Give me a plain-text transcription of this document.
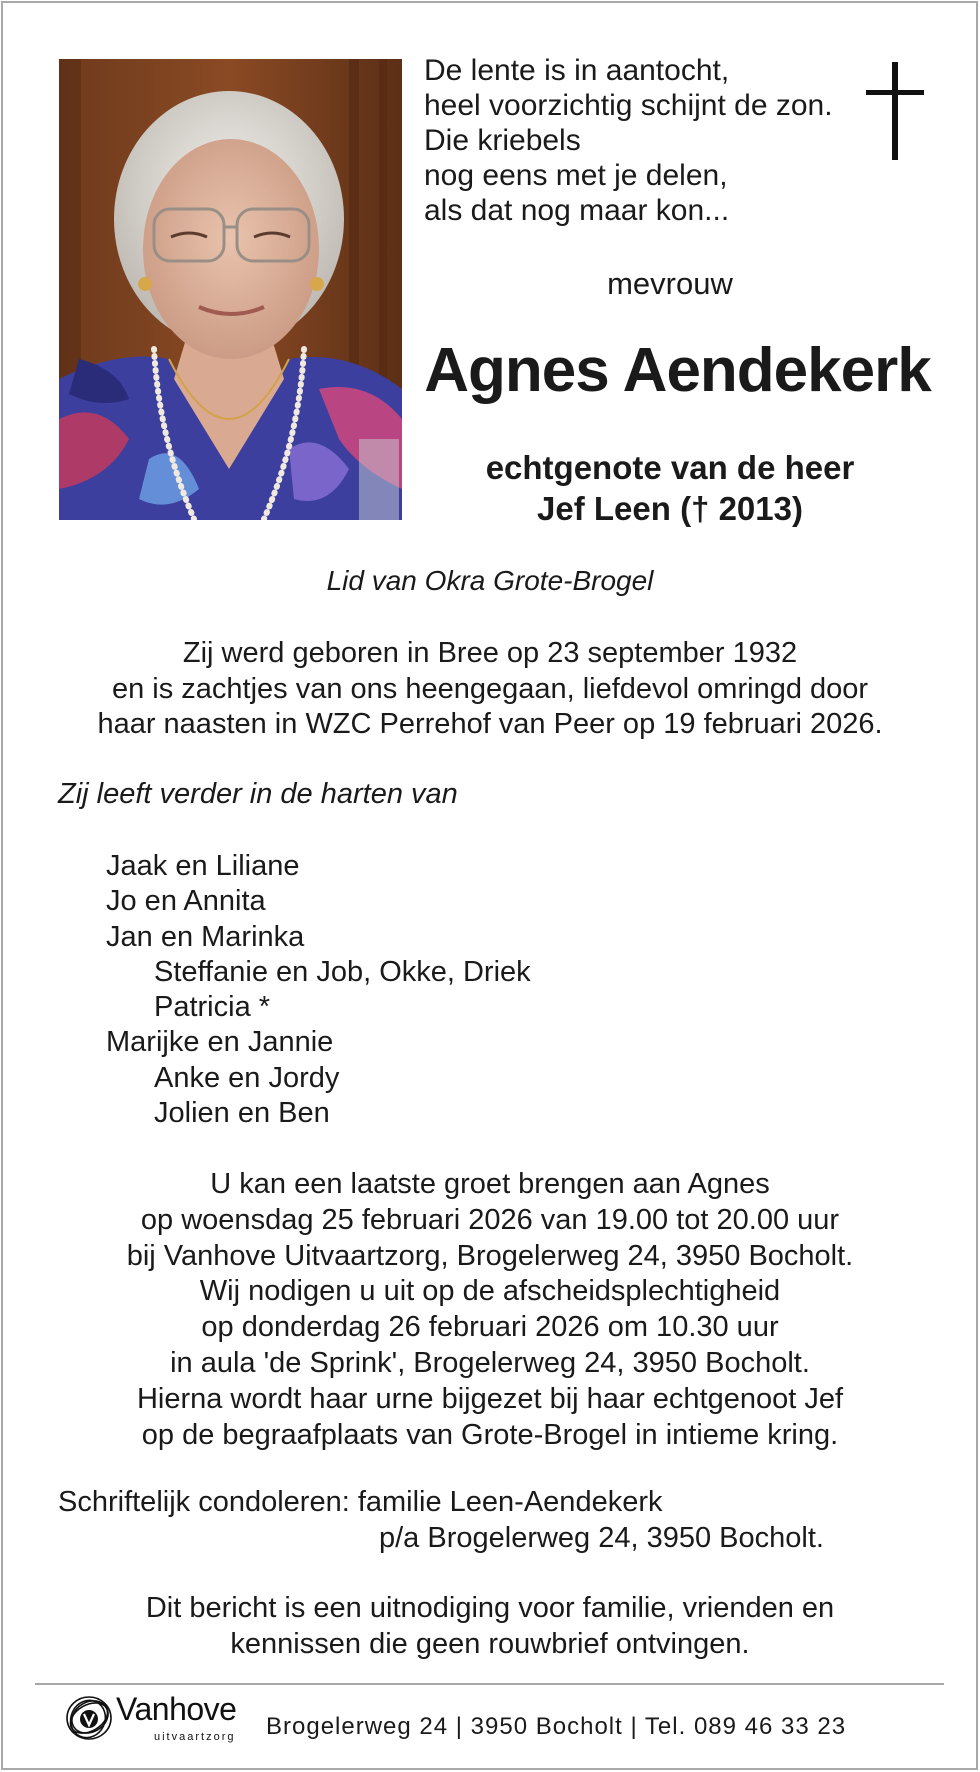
De lente is in aantocht,
heel voorzichtig schijnt de zon.
Die kriebels
nog eens met je delen,
als dat nog maar kon...
mevrouw
Agnes Aendekerk
echtgenote van de heer
Jef Leen († 2013)
Lid van Okra Grote-Brogel
Zij werd geboren in Bree op 23 september 1932
en is zachtjes van ons heengegaan, liefdevol omringd door
haar naasten in WZC Perrehof van Peer op 19 februari 2026.
Zij leeft verder in de harten van
Jaak en Liliane
Jo en Annita
Jan en Marinka
Steffanie en Job, Okke, Driek
Patricia *
Marijke en Jannie
Anke en Jordy
Jolien en Ben
U kan een laatste groet brengen aan Agnes
op woensdag 25 februari 2026 van 19.00 tot 20.00 uur
bij Vanhove Uitvaartzorg, Brogelerweg 24, 3950 Bocholt.
Wij nodigen u uit op de afscheidsplechtigheid
op donderdag 26 februari 2026 om 10.30 uur
in aula 'de Sprink', Brogelerweg 24, 3950 Bocholt.
Hierna wordt haar urne bijgezet bij haar echtgenoot Jef
op de begraafplaats van Grote-Brogel in intieme kring.
Schriftelijk condoleren: familie Leen-Aendekerk
p/a Brogelerweg 24, 3950 Bocholt.
Dit bericht is een uitnodiging voor familie, vrienden en
kennissen die geen rouwbrief ontvingen.
Vanhove
uitvaartzorg Brogelerweg 24 | 3950 Bocholt | Tel. 089 46 33 23
